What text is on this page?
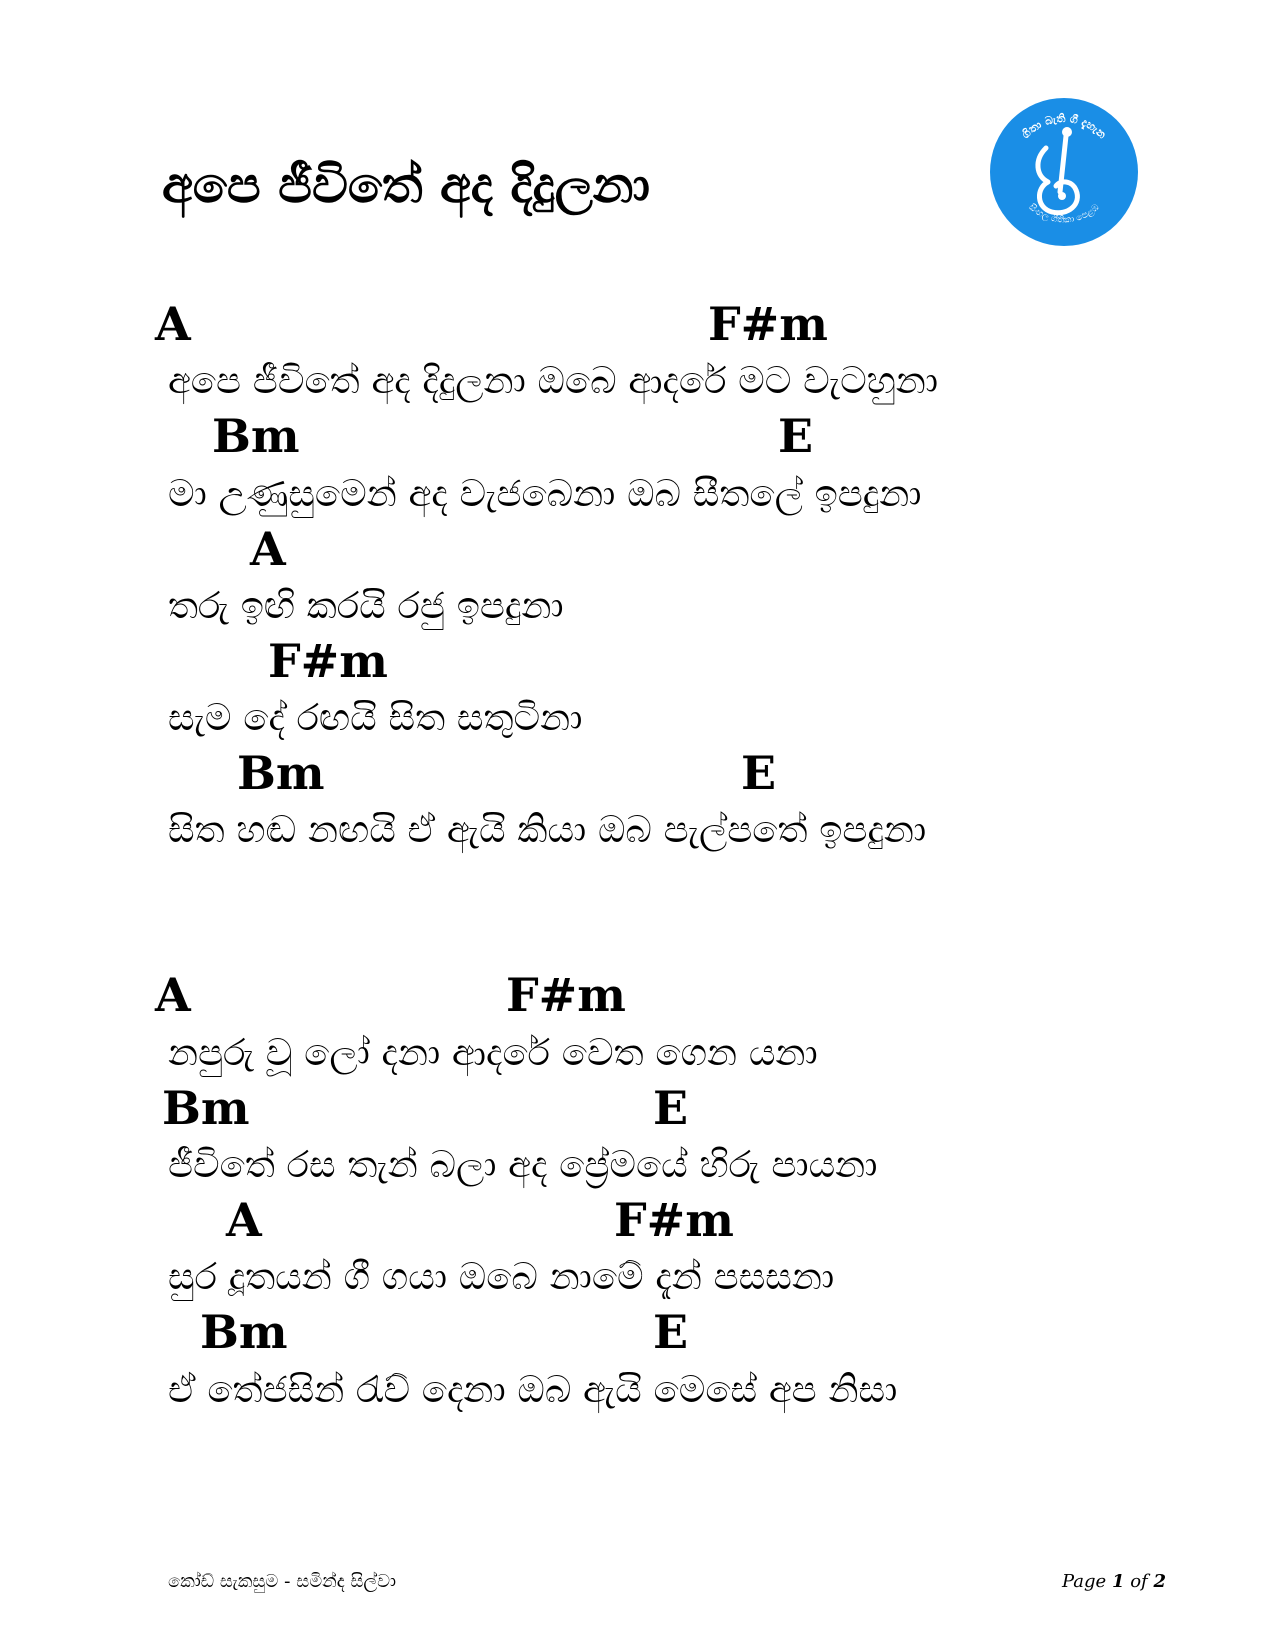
අපෙ ජීවිතේ අද දිදුලනා
ගිතා බැති ගී දැහැන
සිංහල ගීතිකා පෙළඹ
A	F#m
අපෙ ජීවිතේ අද දිදුලනා ඔබෙ ආදරේ මට වැටහුනා
Bm	E
මා උණුසුමෙන් අද වැජබෙනා ඔබ සීතලේ ඉපදුනා
A
තරු ඉඟි කරයි රජු ඉපදුනා
F#m
සැම දේ රඟයි සිත සතුටිනා
Bm	E
සිත හඬ නඟයි ඒ ඇයි කියා ඔබ පැල්පතේ ඉපදුනා
A	F#m
නපුරු වූ ලෝ දනා ආදරේ වෙත ගෙන යනා
Bm	E
ජීවිතේ රස තැන් බලා අද ප්‍රේමයේ හිරු පායනා
A	F#m
සුර දූතයන් ගී ගයා ඔබෙ නාමේ දැන් පසසනා
Bm	E
ඒ තේජසින් රැව් දෙනා ඔබ ඇයි මෙසේ අප නිසා
කෝඩ් සැකසුම - සමින්ද සිල්වා	Page 1 of 2
